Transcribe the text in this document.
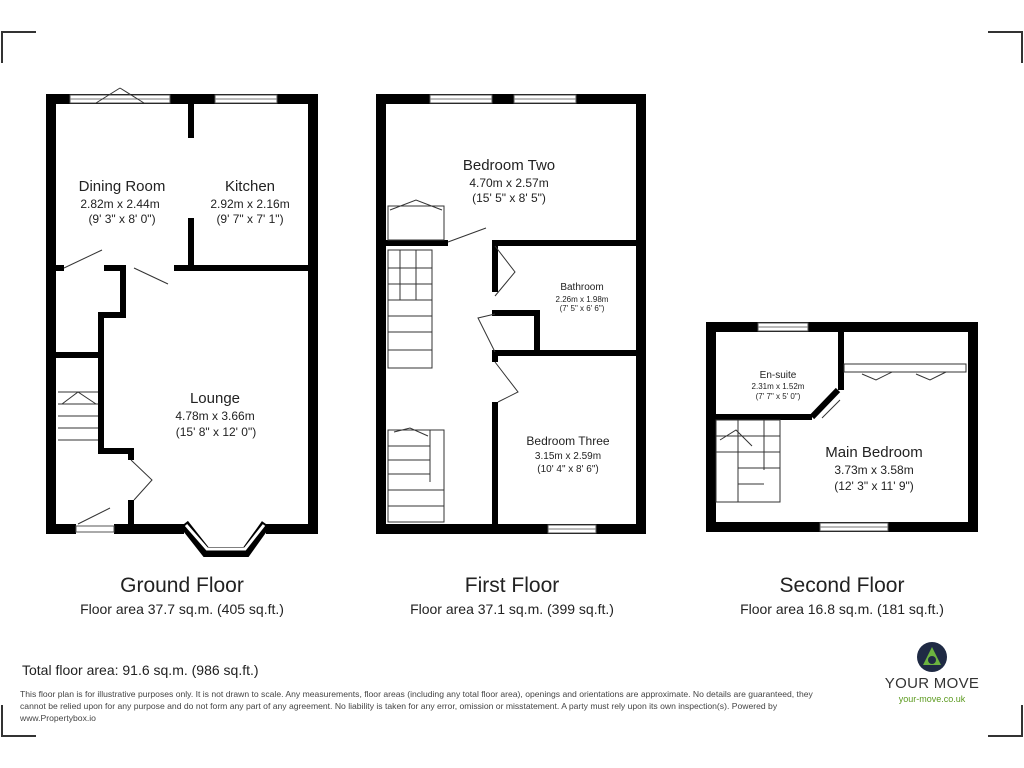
Dining Room
2.82m x 2.44m
(9' 3" x 8' 0")
Kitchen
2.92m x 2.16m
(9' 7" x 7' 1")
Lounge
4.78m x 3.66m
(15' 8" x 12' 0")
Bedroom Two
4.70m x 2.57m
(15' 5" x 8' 5")
Bathroom
2.26m x 1.98m
(7' 5" x 6' 6")
Bedroom Three
3.15m x 2.59m
(10' 4" x 8' 6")
En-suite
2.31m x 1.52m
(7' 7" x 5' 0")
Main Bedroom
3.73m x 3.58m
(12' 3" x 11' 9")
Ground Floor
Floor area 37.7 sq.m. (405 sq.ft.)
First Floor
Floor area 37.1 sq.m. (399 sq.ft.)
Second Floor
Floor area 16.8 sq.m. (181 sq.ft.)
Total floor area: 91.6 sq.m. (986 sq.ft.)
This floor plan is for illustrative purposes only. It is not drawn to scale. Any measurements, floor areas (including any total floor area), openings and orientations are approximate. No details are guaranteed, they cannot be relied upon for any purpose and do not form any part of any agreement. No liability is taken for any error, omission or misstatement. A party must rely upon its own inspection(s). Powered by www.Propertybox.io
YOUR MOVE
your-move.co.uk
